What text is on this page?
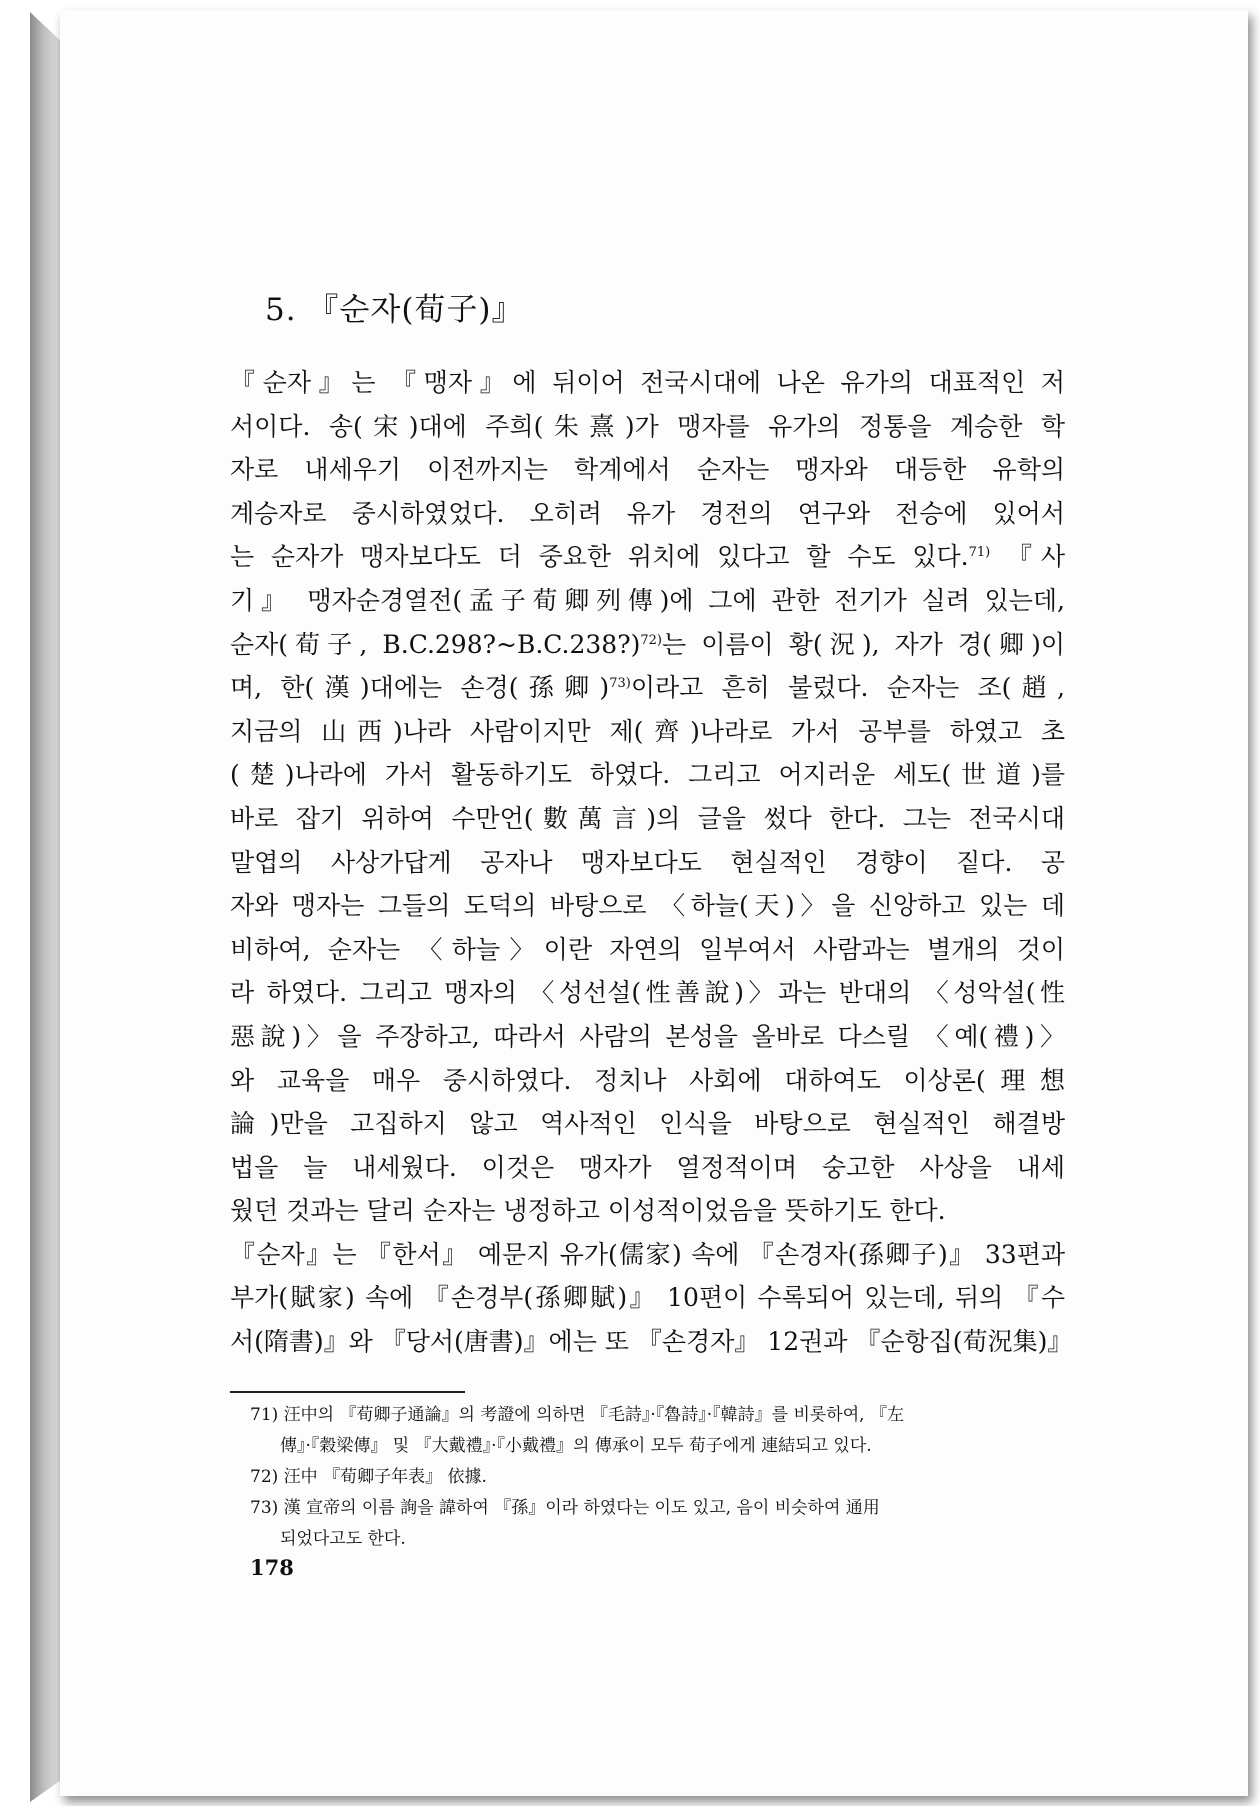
5. 『순자(荀子)』
『순자』는 『맹자』에 뒤이어 전국시대에 나온 유가의 대표적인 저
서이다. 송(宋)대에 주희(朱熹)가 맹자를 유가의 정통을 계승한 학
자로 내세우기 이전까지는 학계에서 순자는 맹자와 대등한 유학의
계승자로 중시하였었다. 오히려 유가 경전의 연구와 전승에 있어서
는 순자가 맹자보다도 더 중요한 위치에 있다고 할 수도 있다.$^{71)}$ 『사
기』 맹자순경열전(孟子荀卿列傳)에 그에 관한 전기가 실려 있는데,
순자(荀子, B.C.298?~B.C.238?)$^{72)}$는 이름이 황(況), 자가 경(卿)이
며, 한(漢)대에는 손경(孫卿)$^{73)}$이라고 흔히 불렀다. 순자는 조(趙,
지금의 山西)나라 사람이지만 제(齊)나라로 가서 공부를 하였고 초
(楚)나라에 가서 활동하기도 하였다. 그리고 어지러운 세도(世道)를
바로 잡기 위하여 수만언(數萬言)의 글을 썼다 한다. 그는 전국시대
말엽의 사상가답게 공자나 맹자보다도 현실적인 경향이 짙다. 공
자와 맹자는 그들의 도덕의 바탕으로 〈하늘(天)〉을 신앙하고 있는 데
비하여, 순자는 〈하늘〉이란 자연의 일부여서 사람과는 별개의 것이
라 하였다. 그리고 맹자의 〈성선설(性善說)〉과는 반대의 〈성악설(性
惡說)〉을 주장하고, 따라서 사람의 본성을 올바로 다스릴 〈예(禮)〉
와 교육을 매우 중시하였다. 정치나 사회에 대하여도 이상론(理想
論)만을 고집하지 않고 역사적인 인식을 바탕으로 현실적인 해결방
법을 늘 내세웠다. 이것은 맹자가 열정적이며 숭고한 사상을 내세
웠던 것과는 달리 순자는 냉정하고 이성적이었음을 뜻하기도 한다.
『순자』는 『한서』 예문지 유가(儒家) 속에 『손경자(孫卿子)』 33편과
부가(賦家) 속에 『손경부(孫卿賦)』 10편이 수록되어 있는데, 뒤의 『수
서(隋書)』와 『당서(唐書)』에는 또 『손경자』 12권과 『순항집(荀況集)』
71) 汪中의 『荀卿子通論』의 考證에 의하면 『毛詩』·『魯詩』·『韓詩』를 비롯하여, 『左
傳』·『穀梁傳』 및 『大戴禮』·『小戴禮』의 傳承이 모두 荀子에게 連結되고 있다.
72) 汪中 『荀卿子年表』 依據.
73) 漢 宣帝의 이름 詢을 諱하여 『孫』이라 하였다는 이도 있고, 음이 비슷하여 通用
되었다고도 한다.
178
